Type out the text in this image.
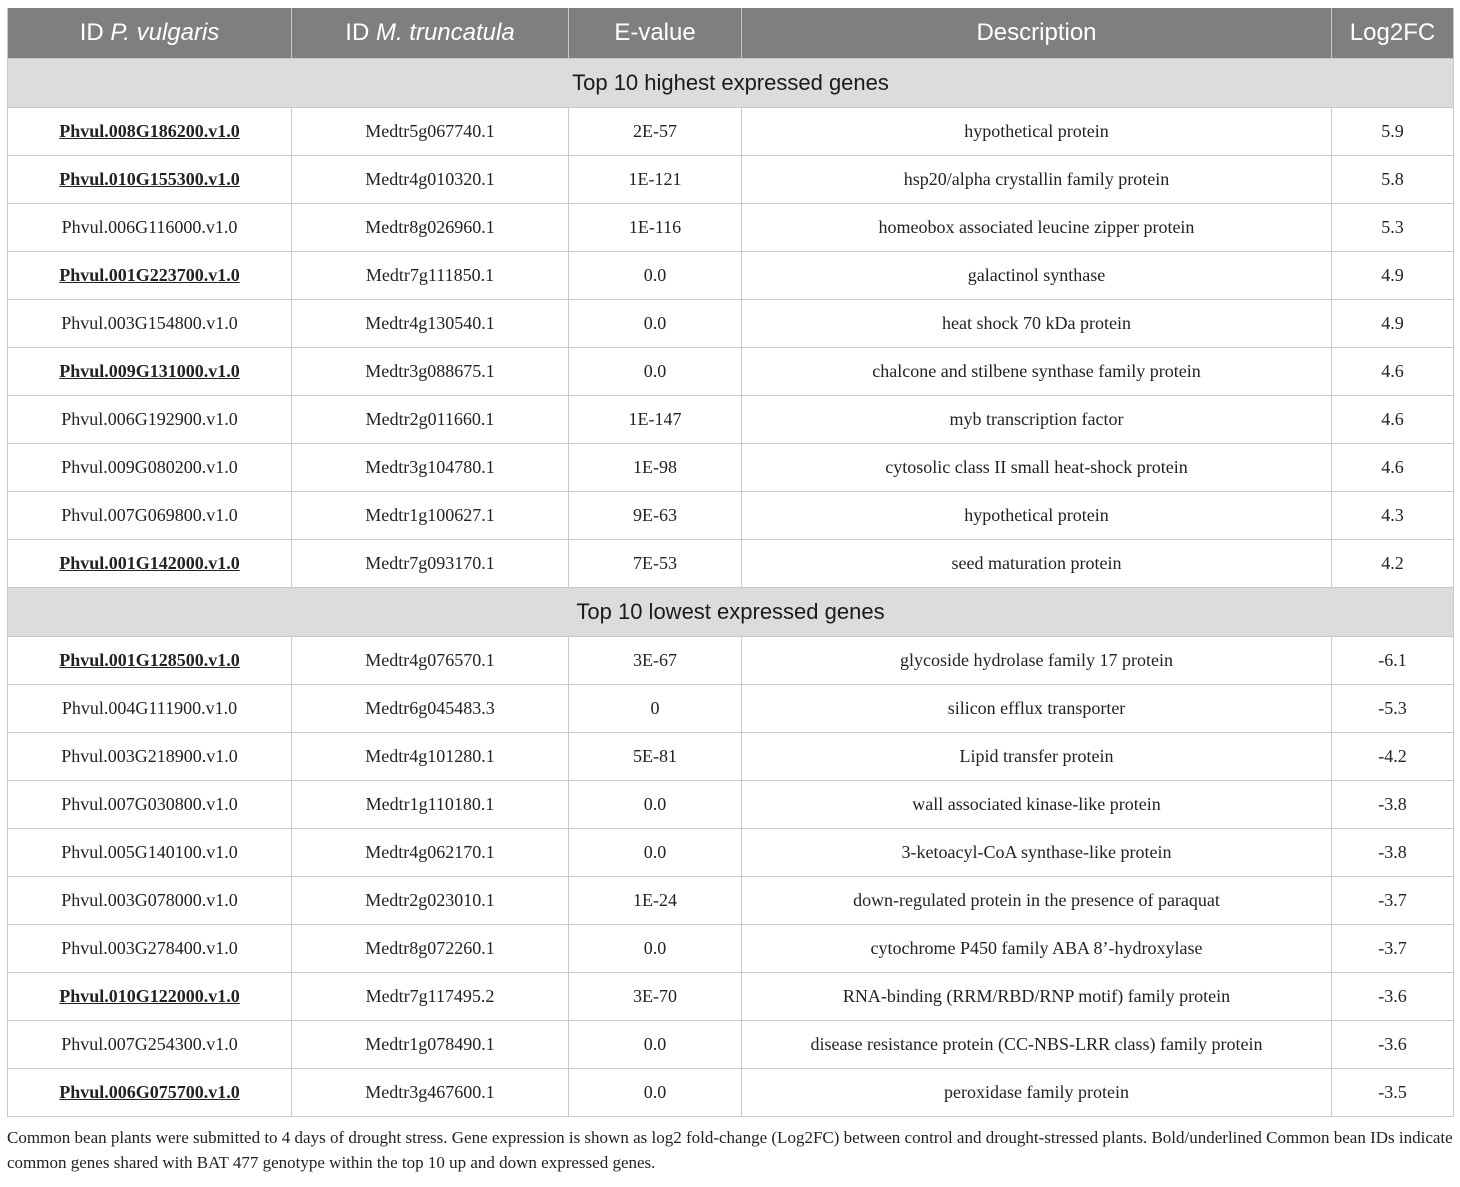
ID P. vulgaris	ID M. truncatula	E-value	Description	Log2FC
Top 10 highest expressed genes				
Phvul.008G186200.v1.0	Medtr5g067740.1	2E-57	hypothetical protein	5.9
Phvul.010G155300.v1.0	Medtr4g010320.1	1E-121	hsp20/alpha crystallin family protein	5.8
Phvul.006G116000.v1.0	Medtr8g026960.1	1E-116	homeobox associated leucine zipper protein	5.3
Phvul.001G223700.v1.0	Medtr7g111850.1	0.0	galactinol synthase	4.9
Phvul.003G154800.v1.0	Medtr4g130540.1	0.0	heat shock 70 kDa protein	4.9
Phvul.009G131000.v1.0	Medtr3g088675.1	0.0	chalcone and stilbene synthase family protein	4.6
Phvul.006G192900.v1.0	Medtr2g011660.1	1E-147	myb transcription factor	4.6
Phvul.009G080200.v1.0	Medtr3g104780.1	1E-98	cytosolic class II small heat-shock protein	4.6
Phvul.007G069800.v1.0	Medtr1g100627.1	9E-63	hypothetical protein	4.3
Phvul.001G142000.v1.0	Medtr7g093170.1	7E-53	seed maturation protein	4.2
Top 10 lowest expressed genes				
Phvul.001G128500.v1.0	Medtr4g076570.1	3E-67	glycoside hydrolase family 17 protein	-6.1
Phvul.004G111900.v1.0	Medtr6g045483.3	0	silicon efflux transporter	-5.3
Phvul.003G218900.v1.0	Medtr4g101280.1	5E-81	Lipid transfer protein	-4.2
Phvul.007G030800.v1.0	Medtr1g110180.1	0.0	wall associated kinase-like protein	-3.8
Phvul.005G140100.v1.0	Medtr4g062170.1	0.0	3-ketoacyl-CoA synthase-like protein	-3.8
Phvul.003G078000.v1.0	Medtr2g023010.1	1E-24	down-regulated protein in the presence of paraquat	-3.7
Phvul.003G278400.v1.0	Medtr8g072260.1	0.0	cytochrome P450 family ABA 8’-hydroxylase	-3.7
Phvul.010G122000.v1.0	Medtr7g117495.2	3E-70	RNA-binding (RRM/RBD/RNP motif) family protein	-3.6
Phvul.007G254300.v1.0	Medtr1g078490.1	0.0	disease resistance protein (CC-NBS-LRR class) family protein	-3.6
Phvul.006G075700.v1.0	Medtr3g467600.1	0.0	peroxidase family protein	-3.5
Common bean plants were submitted to 4 days of drought stress. Gene expression is shown as log2 fold-change (Log2FC) between control and drought-stressed plants. Bold/underlined Common bean IDs indicate common genes shared with BAT 477 genotype within the top 10 up and down expressed genes.
